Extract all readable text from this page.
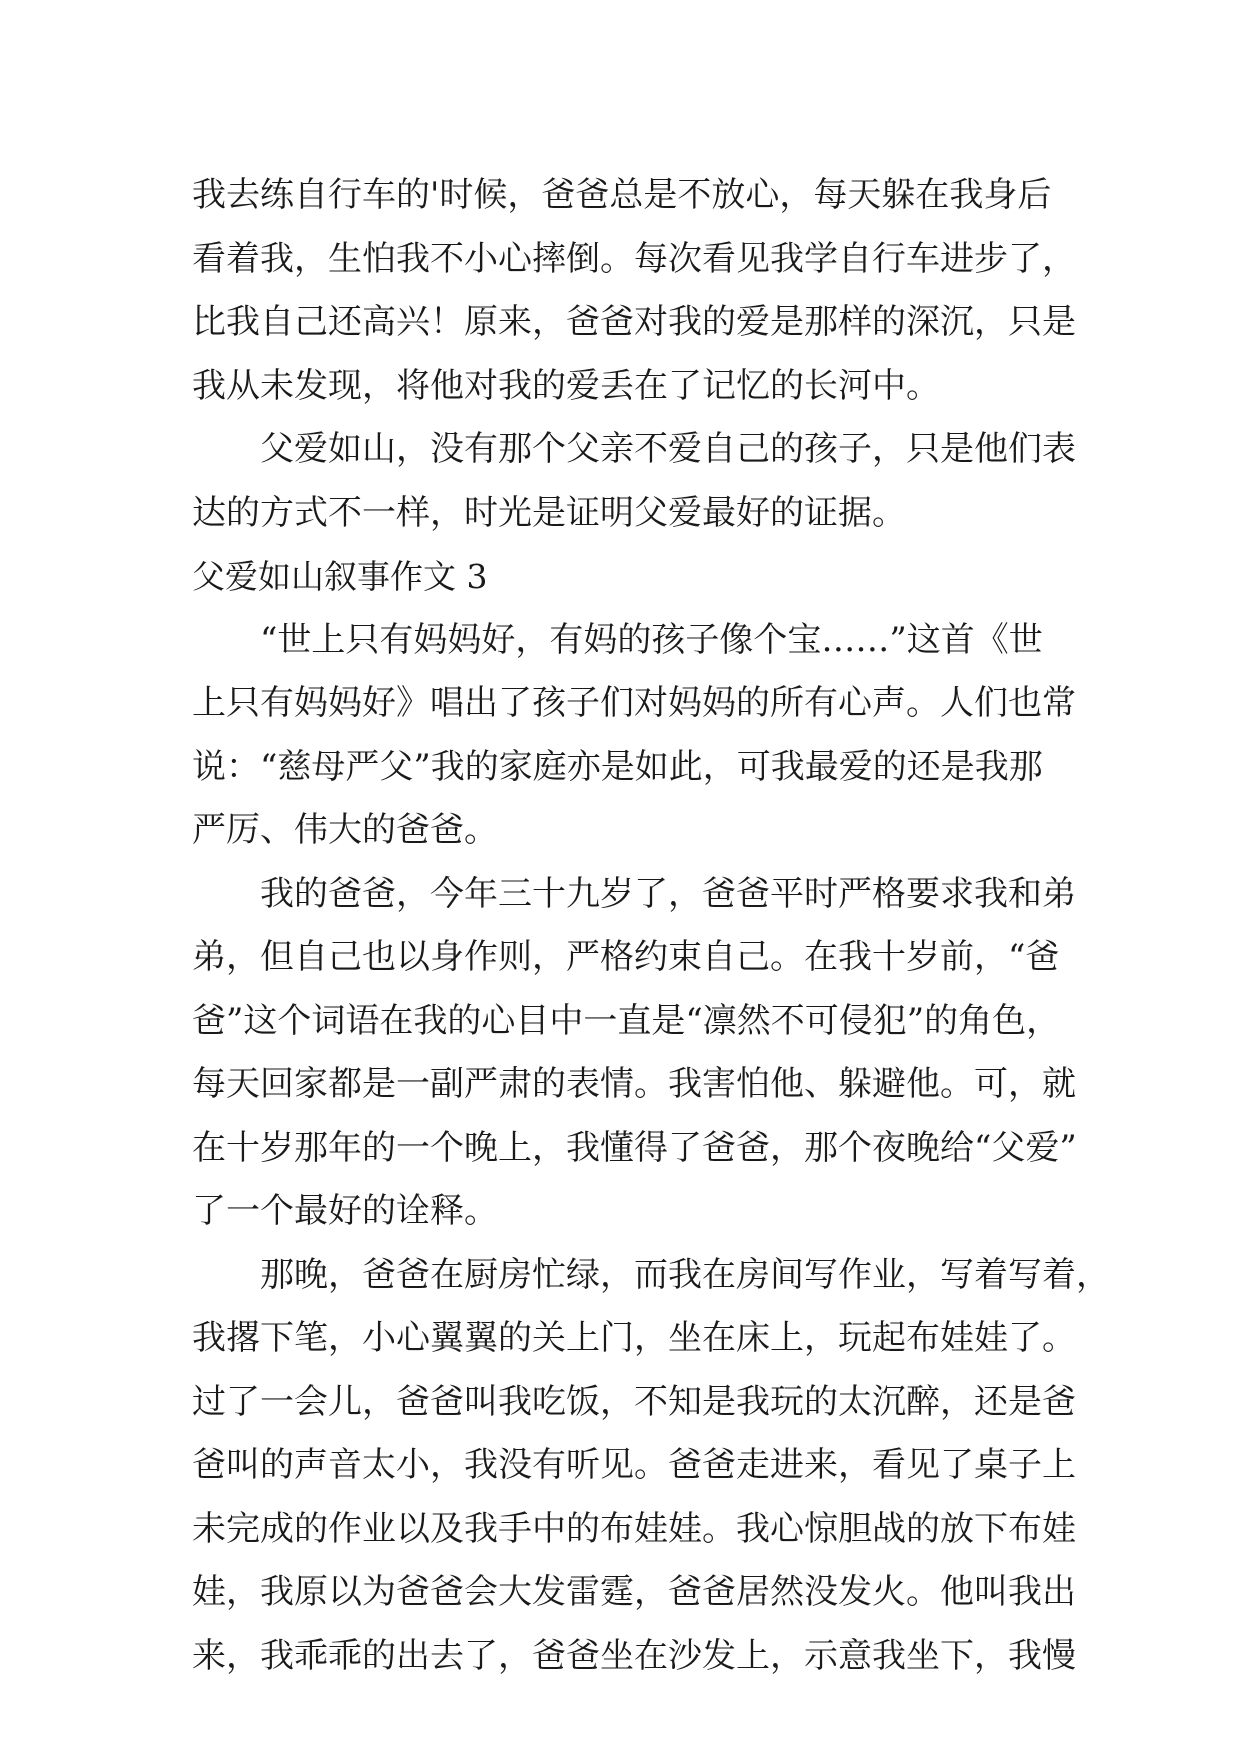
我去练自行车的'时候，爸爸总是不放心，每天躲在我身后
看着我，生怕我不小心摔倒。每次看见我学自行车进步了，
比我自己还高兴！原来，爸爸对我的爱是那样的深沉，只是
我从未发现，将他对我的爱丢在了记忆的长河中。
父爱如山，没有那个父亲不爱自己的孩子，只是他们表
达的方式不一样，时光是证明父爱最好的证据。
父爱如山叙事作文 3
“世上只有妈妈好，有妈的孩子像个宝……”这首《世
上只有妈妈好》唱出了孩子们对妈妈的所有心声。人们也常
说：“慈母严父”我的家庭亦是如此，可我最爱的还是我那
严厉、伟大的爸爸。
我的爸爸，今年三十九岁了，爸爸平时严格要求我和弟
弟，但自己也以身作则，严格约束自己。在我十岁前，“爸
爸”这个词语在我的心目中一直是“凛然不可侵犯”的角色，
每天回家都是一副严肃的表情。我害怕他、躲避他。可，就
在十岁那年的一个晚上，我懂得了爸爸，那个夜晚给“父爱”
了一个最好的诠释。
那晚，爸爸在厨房忙绿，而我在房间写作业，写着写着，
我撂下笔，小心翼翼的关上门，坐在床上，玩起布娃娃了。
过了一会儿，爸爸叫我吃饭，不知是我玩的太沉醉，还是爸
爸叫的声音太小，我没有听见。爸爸走进来，看见了桌子上
未完成的作业以及我手中的布娃娃。我心惊胆战的放下布娃
娃，我原以为爸爸会大发雷霆，爸爸居然没发火。他叫我出
来，我乖乖的出去了，爸爸坐在沙发上，示意我坐下，我慢
